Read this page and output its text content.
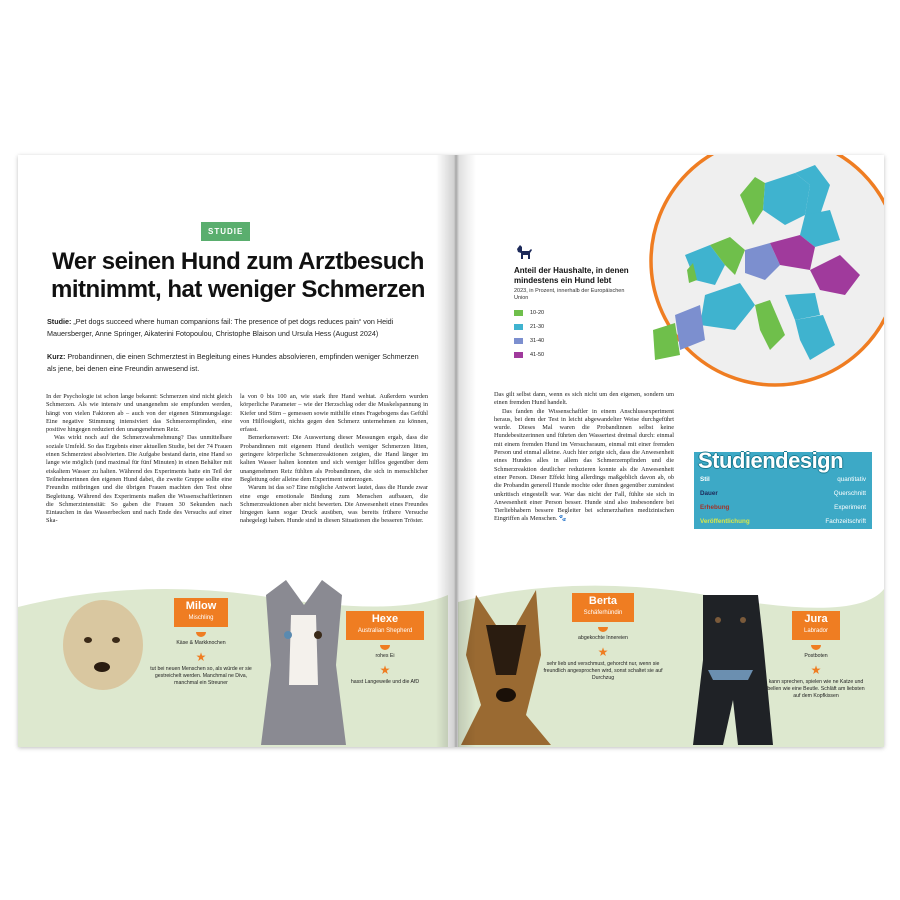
STUDIE
Wer seinen Hund zum Arztbesuch
mitnimmt, hat weniger Schmerzen
Studie: „Pet dogs succeed where human companions fail: The presence of pet dogs reduces pain“ von Heidi Mauersberger, Anne Springer, Aikaterini Fotopoulou, Christophe Blaison und Ursula Hess (August 2024)
Kurz: Probandinnen, die einen Schmerztest in Begleitung eines Hundes absolvieren, empfinden weniger Schmerzen als jene, bei denen eine Freundin anwesend ist.

In der Psychologie ist schon lange bekannt: Schmerzen sind nicht gleich Schmerzen. Als wie intensiv und unangenehm sie empfunden werden, hängt von vielen Faktoren ab – auch von der eigenen Stimmungslage: Eine negative Stimmung intensiviert das Schmerzempfinden, eine positive hingegen reduziert den unangenehmen Reiz.

Was wirkt noch auf die Schmerzwahrnehmung? Das unmittelbare soziale Umfeld. So das Ergebnis einer aktuellen Studie, bei der 74 Frauen einen Schmerztest absolvierten. Die Aufgabe bestand darin, eine Hand so lange wie möglich (und maximal für fünf Minuten) in einen Behälter mit eiskaltem Wasser zu halten. Während des Experiments hatte ein Teil der Teilnehmerinnen den eigenen Hund dabei, die zweite Gruppe sollte eine Freundin mitbringen und die übrigen Frauen machten den Test ohne Begleitung. Während des Experiments maßen die Wissenschaftlerinnen die Schmerzintensität: So gaben die Frauen 30 Sekunden nach Eintauchen in das Wasserbecken und nach Ende des Versuchs auf einer Ska-

la von 0 bis 100 an, wie stark ihre Hand wehtat. Außerdem wurden körperliche Parameter – wie der Herzschlag oder die Muskelspannung in Kiefer und Stirn – gemessen sowie mithilfe eines Fragebogens das Gefühl von Hilflosigkeit, nichts gegen den Schmerz unternehmen zu können, erfasst.

Bemerkenswert: Die Auswertung dieser Messungen ergab, dass die Probandinnen mit eigenem Hund deutlich weniger Schmerzen litten, geringere körperliche Schmerzreaktionen zeigten, die Hand länger im kalten Wasser halten konnten und sich weniger hilflos gegenüber dem unangenehmen Reiz fühlten als Probandinnen, die sich in menschlicher Begleitung oder alleine dem Experiment unterzogen.

Warum ist das so? Eine mögliche Antwort lautet, dass die Hunde zwar eine enge emotionale Bindung zum Menschen aufbauen, die Schmerzreaktionen aber nicht bewerten. Die Anwesenheit eines Freundes hingegen kann sogar Druck ausüben, was bereits frühere Versuche nahegelegt haben. Hunde sind in diesen Situationen die besseren Tröster.

Anteil der Haushalte, in denen mindestens ein Hund lebt
2023, in Prozent, innerhalb der Europäischen Union
10-20
21-30
31-40
41-50

Das gilt selbst dann, wenn es sich nicht um den eigenen, sondern um einen fremden Hund handelt.

Das fanden die Wissenschaftler in einem Anschlussexperiment heraus, bei dem der Test in leicht abgewandelter Weise durchgeführt wurde. Dieses Mal waren die Probandinnen selbst keine Hundebesitzerinnen und führten den Wassertest dreimal durch: einmal mit einem fremden Hund im Versuchsraum, einmal mit einer fremden Person und einmal alleine. Auch hier zeigte sich, dass die Anwesenheit eines Hundes alles in allem das Schmerzempfinden und die Schmerzreaktion deutlicher reduzieren konnte als die Anwesenheit einer Person. Dieser Effekt hing allerdings maßgeblich davon ab, ob die Probandin generell Hunde mochte oder ihnen gegenüber zumindest unkritisch eingestellt war. War das nicht der Fall, fühlte sie sich in Anwesenheit einer Person besser. Hunde sind also insbesondere bei Tierliebhabern bessere Begleiter bei schmerzhaften medizinischen Eingriffen als Menschen. 🐾

Studiendesign
Stil	quantitativ
Dauer	Querschnitt
Erhebung	Experiment
Veröffentlichung	Fachzeitschrift
Milow
Mischling
Käse & Markknochen
★
tut bei neuen Menschen so, als würde er sie gestreichelt werden. Manchmal ne Diva, manchmal ein Streuner
Hexe
Australian Shepherd
rohes Ei
★
hasst Langeweile und die AfD
Berta
Schäferhündin
abgekochte Innereien
★
sehr lieb und verschmust, gehorcht nur, wenn sie freundlich angesprochen wird, sonst schaltet sie auf Durchzug
Jura
Labrador
Postboten
★
kann sprechen, spielen wie ne Katze und bellen wie eine Beutle. Schläft am liebsten auf dem Kopfkissen
